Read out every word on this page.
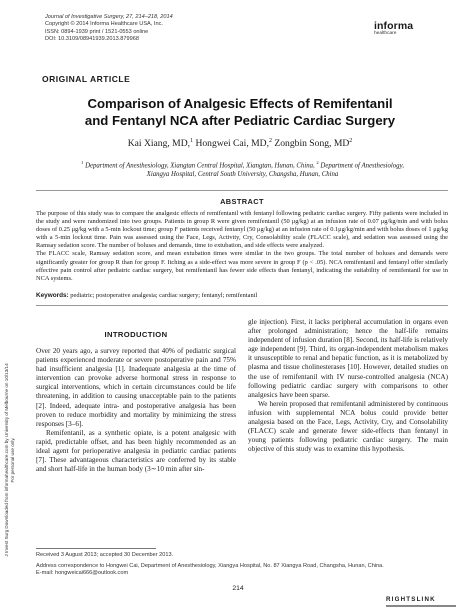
J Invest Surg Downloaded from informahealthcare.com by University of Melbourne on 10/13/14 For personal use only.
Journal of Investigative Surgery, 27, 214–218, 2014
Copyright © 2014 Informa Healthcare USA, Inc.
ISSN: 0894-1939 print / 1521-0553 online
DOI: 10.3109/08941939.2013.879968
informa
healthcare
ORIGINAL ARTICLE
Comparison of Analgesic Effects of Remifentanil
and Fentanyl NCA after Pediatric Cardiac Surgery
Kai Xiang, MD,$^1$ Hongwei Cai, MD,$^2$ Zongbin Song, $MD^2$
$^1$ Department of Anesthesiology, Xiangtan Central Hospital, Xiangtan, Hunan, China, $^2$ Department of Anesthesiology,
Xiangya Hospital, Central South University, Changsha, Hunan, China
ABSTRACT

The purpose of this study was to compare the analgesic effects of remifentanil with fentanyl following pediatric cardiac surgery. Fifty patients were included in the study and were randomized into two groups. Patients in group R were given remifentanil (50 μg/kg) at an infusion rate of 0.07 μg/kg/min and with bolus doses of 0.25 μg/kg with a 5-min lockout time; group F patients received fentanyl (50 μg/kg) at an infusion rate of 0.1μg/kg/min and with bolus doses of 1 μg/kg with a 5-min lockout time. Pain was assessed using the Face, Legs, Activity, Cry, Consolability scale (FLACC scale), and sedation was assessed using the Ramsay sedation score. The number of boluses and demands, time to extubation, and side effects were analyzed.

The FLACC scale, Ramsay sedation score, and mean extubation times were similar in the two groups. The total number of boluses and demands were significantly greater for group R than for group F. Itching as a side-effect was more severe in group F (p < .05). NCA remifentanil and fentanyl offer similarly effective pain control after pediatric cardiac surgery, but remifentanil has fewer side effects than fentanyl, indicating the suitability of remifentanil for use in NCA systems.

Keywords: pediatric; postoperative analgesia; cardiac surgery; fentanyl; remifentanil
INTRODUCTION

Over 20 years ago, a survey reported that 40% of pediatric surgical patients experienced moderate or severe postoperative pain and 75% had insufficient analgesia [1]. Inadequate analgesia at the time of intervention can provoke adverse hormonal stress in response to surgical interventions, which in certain circumstances could be life threatening, in addition to causing unacceptable pain to the patients [2]. Indeed, adequate intra- and postoperative analgesia has been proven to reduce morbidity and mortality by minimizing the stress responses [3–6].

Remifentanil, as a synthetic opiate, is a potent analgesic with rapid, predictable offset, and has been highly recommended as an ideal agent for perioperative analgesia in pediatric cardiac patients [7]. These advantageous characteristics are conferred by its stable and short half-life in the human body (3∼10 min after sin-

gle injection). First, it lacks peripheral accumulation in organs even after prolonged administration; hence the half-life remains independent of infusion duration [8]. Second, its half-life is relatively age independent [9]. Third, its organ-independent metabolism makes it unsusceptible to renal and hepatic function, as it is metabolized by plasma and tissue cholinesterases [10]. However, detailed studies on the use of remifentanil with IV nurse-controlled analgesia (NCA) following pediatric cardiac surgery with comparisons to other analgesics have been sparse.

We herein proposed that remifentanil administered by continuous infusion with supplemental NCA bolus could provide better analgesia based on the Face, Legs, Activity, Cry, and Consolability (FLACC) scale and generate fewer side-effects than fentanyl in young patients following pediatric cardiac surgery. The main objective of this study was to examine this hypothesis.

Received 3 August 2013; accepted 30 December 2013.
Address correspondence to Hongwei Cai, Department of Anesthesiology, Xiangya Hospital, No. 87 Xiangya Road, Changsha, Hunan, China.
E-mail: hongweicai666@outlook.com
214
RIGHTSLINK
